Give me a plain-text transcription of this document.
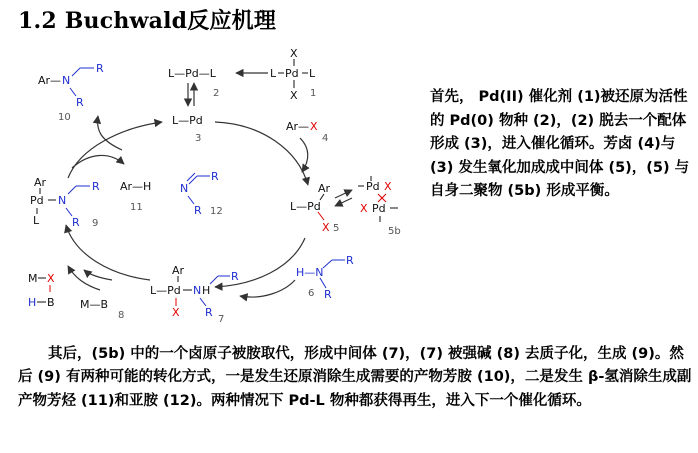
1.2 Buchwald反应机理
X
L Pd L
X 1
L—Pd—L
2
L—Pd
3
Ar— X
4
Ar
L—Pd
X 5
Pd X
X Pd
5b
H—N
R
R
6
Ar
L—Pd N H
R
R
X
7
M—B
8
M X
H B
Ar
Pd N
R
R
L	9
Ar— N
R
R
10
Ar—H
11
N
R
R 12
首先， Pd(II) 催化剂 (1)被还原为活性的 Pd(0) 物种 (2)，(2) 脱去一个配体形成 (3)，进入催化循环。芳卤 (4)与 (3) 发生氧化加成成中间体 (5)，(5) 与自身二聚物 (5b) 形成平衡。
其后，(5b) 中的一个卤原子被胺取代，形成中间体 (7)，(7) 被强碱 (8) 去质子化，生成 (9)。然后 (9) 有两种可能的转化方式，一是发生还原消除生成需要的产物芳胺 (10)，二是发生 β-氢消除生成副产物芳烃 (11)和亚胺 (12)。两种情况下 Pd-L 物种都获得再生，进入下一个催化循环。
